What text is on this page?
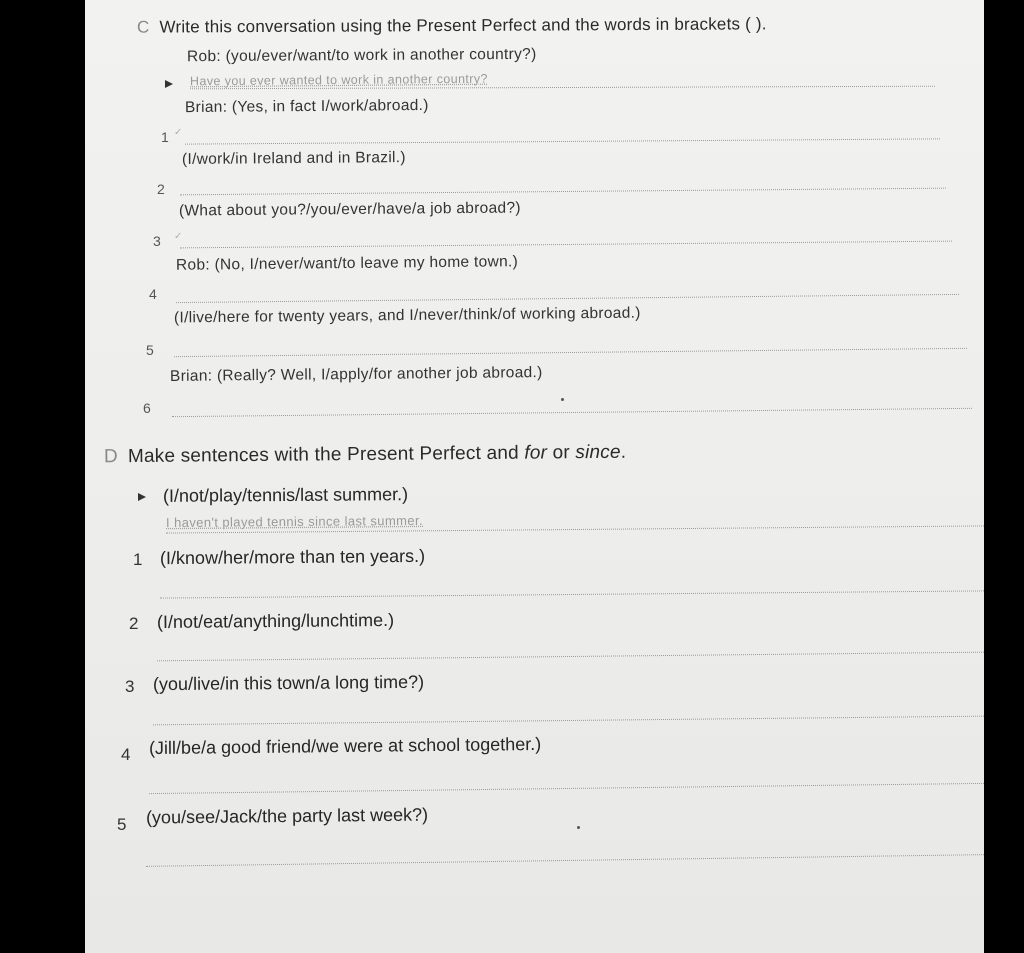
C Write this conversation using the Present Perfect and the words in brackets ( ).
Rob: (you/ever/want/to work in another country?)
Have you ever wanted to work in another country?
Brian: (Yes, in fact I/work/abroad.)
1 ✓
(I/work/in Ireland and in Brazil.)
2
(What about you?/you/ever/have/a job abroad?)
3 ✓
Rob: (No, I/never/want/to leave my home town.)
4
(I/live/here for twenty years, and I/never/think/of working abroad.)
5
Brian: (Really? Well, I/apply/for another job abroad.)
6
D Make sentences with the Present Perfect and for or since.
(I/not/play/tennis/last summer.)
I haven't played tennis since last summer.
1 (I/know/her/more than ten years.)
2 (I/not/eat/anything/lunchtime.)
3 (you/live/in this town/a long time?)
4 (Jill/be/a good friend/we were at school together.)
5 (you/see/Jack/the party last week?)
